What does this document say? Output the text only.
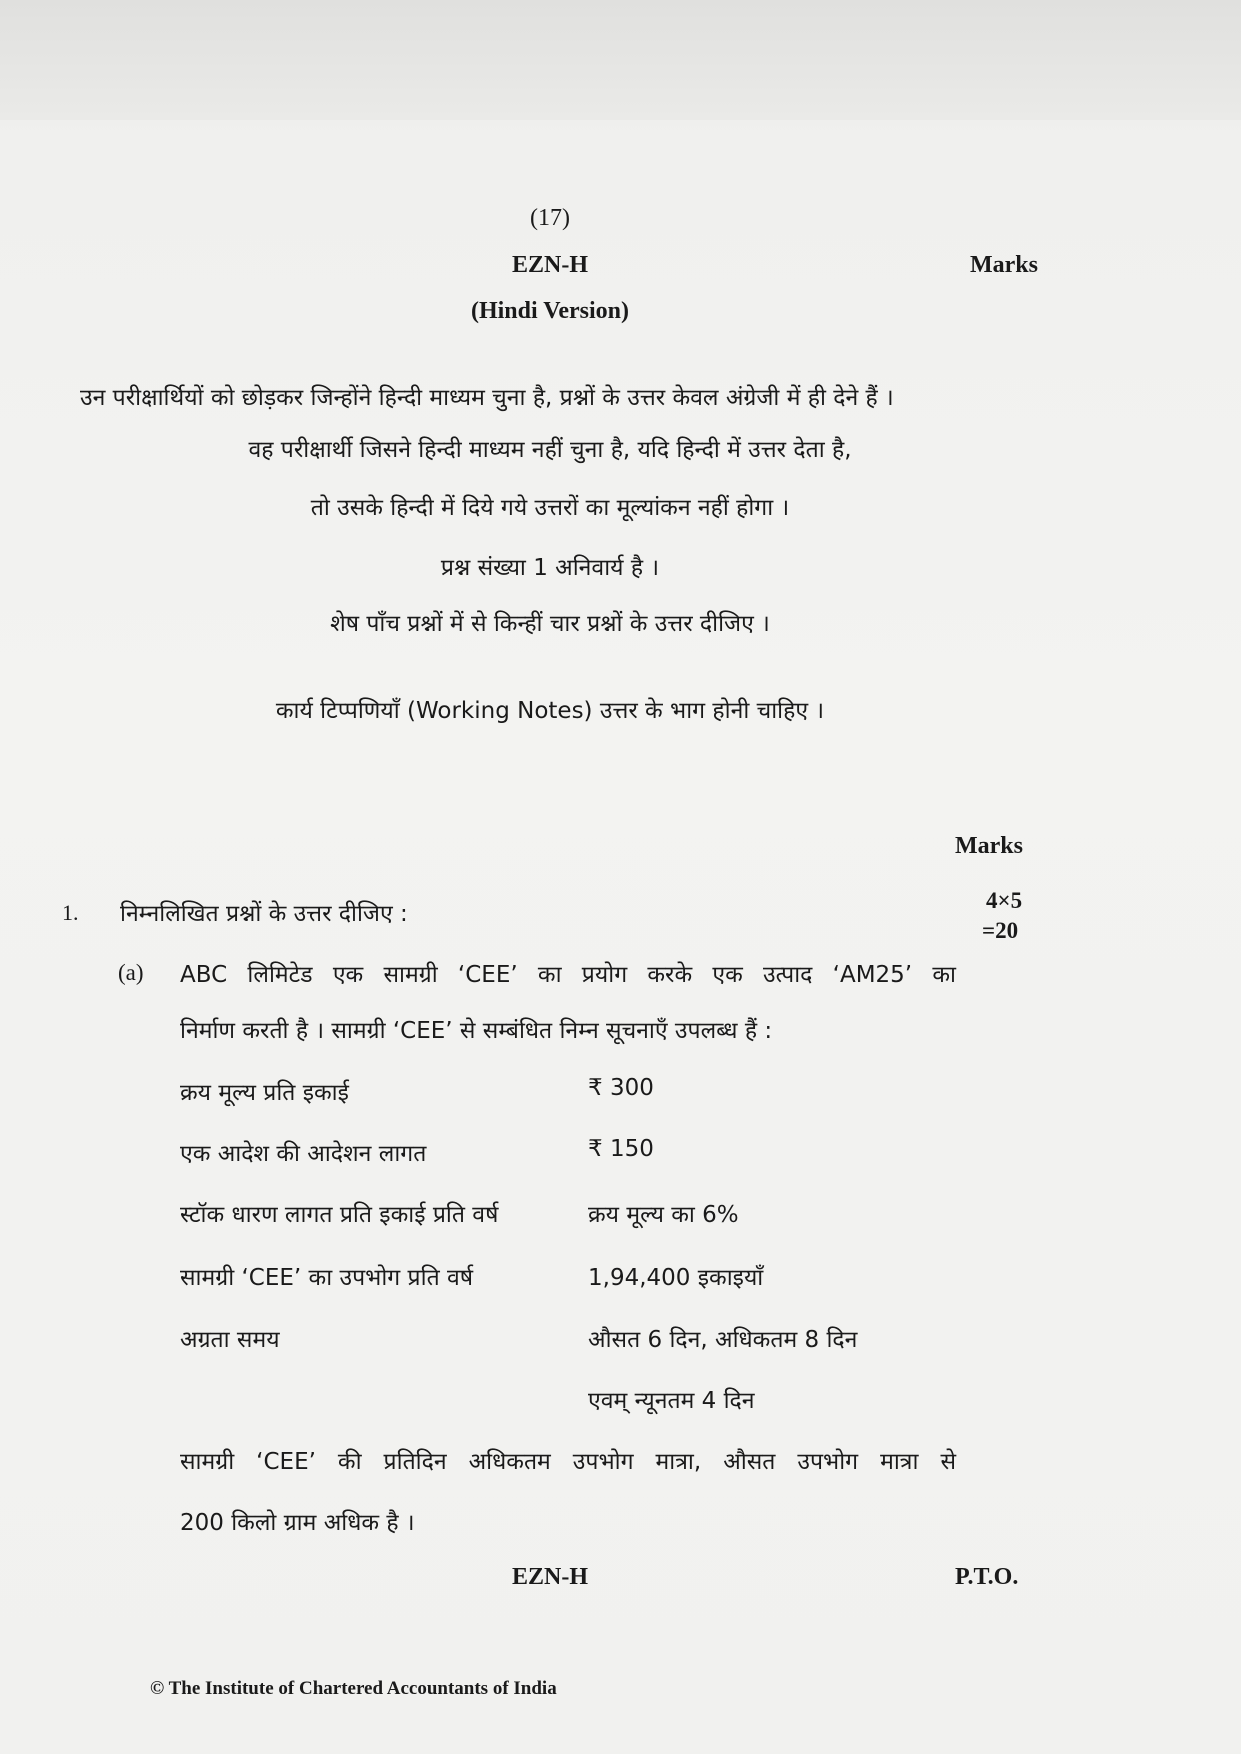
(17)
EZN-H	Marks
(Hindi Version)
उन परीक्षार्थियों को छोड़कर जिन्होंने हिन्दी माध्यम चुना है, प्रश्नों के उत्तर केवल अंग्रेजी में ही देने हैं ।
वह परीक्षार्थी जिसने हिन्दी माध्यम नहीं चुना है, यदि हिन्दी में उत्तर देता है,
तो उसके हिन्दी में दिये गये उत्तरों का मूल्यांकन नहीं होगा ।
प्रश्न संख्या 1 अनिवार्य है ।
शेष पाँच प्रश्नों में से किन्हीं चार प्रश्नों के उत्तर दीजिए ।
कार्य टिप्पणियाँ (Working Notes) उत्तर के भाग होनी चाहिए ।
Marks
1. निम्नलिखित प्रश्नों के उत्तर दीजिए :
4×5
=20
(a) ABC लिमिटेड एक सामग्री ‘CEE’ का प्रयोग करके एक उत्पाद ‘AM25’ का
निर्माण करती है । सामग्री ‘CEE’ से सम्बंधित निम्न सूचनाएँ उपलब्ध हैं :
क्रय मूल्य प्रति इकाई	₹ 300
एक आदेश की आदेशन लागत	₹ 150
स्टॉक धारण लागत प्रति इकाई प्रति वर्ष	क्रय मूल्य का 6%
सामग्री ‘CEE’ का उपभोग प्रति वर्ष	1,94,400 इकाइयाँ
अग्रता समय	औसत 6 दिन, अधिकतम 8 दिन
एवम् न्यूनतम 4 दिन
सामग्री ‘CEE’ की प्रतिदिन अधिकतम उपभोग मात्रा, औसत उपभोग मात्रा से
200 किलो ग्राम अधिक है ।
EZN-H	P.T.O.
© The Institute of Chartered Accountants of India
